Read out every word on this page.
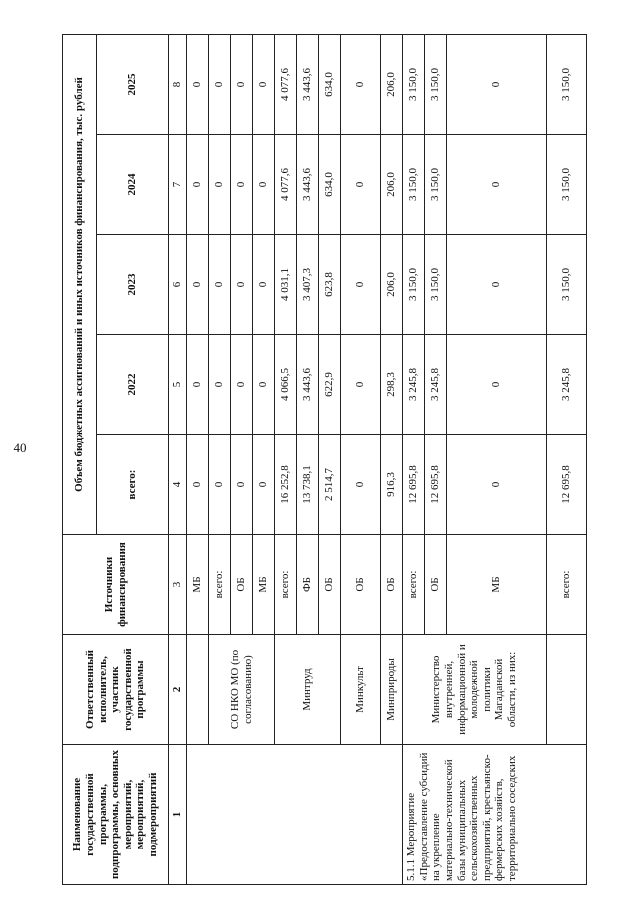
40
Наименование государственной программы, подпрограммы, основных мероприятий, мероприятий, подмероприятий	Ответственный исполнитель, участник государственной программы	Источники финансирования	Объем бюджетных ассигнований и иных источников финансирования, тыс. рублей				
			всего:	2022	2023	2024	2025
1	2	3	4	5	6	7	8
		МБ	0	0	0	0	0
	СО НКО МО (по согласованию)	всего:	0	0	0	0	0
		ОБ	0	0	0	0	0
		МБ	0	0	0	0	0
	Минтруд	всего:	16 252,8	4 066,5	4 031,1	4 077,6	4 077,6
		ФБ	13 738,1	3 443,6	3 407,3	3 443,6	3 443,6
		ОБ	2 514,7	622,9	623,8	634,0	634,0
	Минкульт	ОБ	0	0	0	0	0
	Минприроды	ОБ	916,3	298,3	206,0	206,0	206,0
5.1.1 Мероприятие «Предоставление субсидий на укрепление материально-технической базы муниципальных сельскохозяйственных предприятий, крестьянско-фермерских хозяйств, территориально соседских	Министерство внутренней, информационной и молодежной политики Магаданской области, из них:	всего:	12 695,8	3 245,8	3 150,0	3 150,0	3 150,0
		ОБ	12 695,8	3 245,8	3 150,0	3 150,0	3 150,0
		МБ	0	0	0	0	0
		всего:	12 695,8	3 245,8	3 150,0	3 150,0	3 150,0
